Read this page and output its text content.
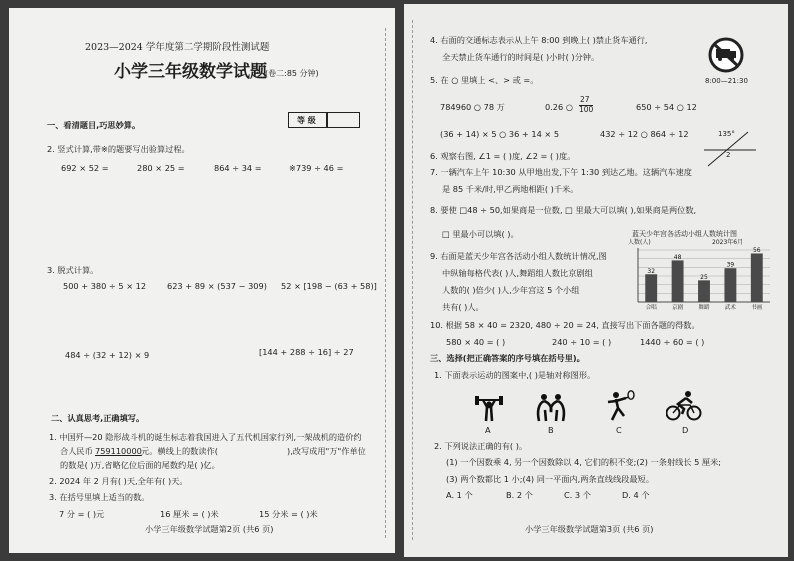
2023—2024 学年度第二学期阶段性测试题
小学三年级数学试题
(卷二:85 分钟)
等 级
一、看清题目,巧思妙算。
2. 竖式计算,带※的题要写出验算过程。
692 × 52 =	280 × 25 =	864 ÷ 34 =	※739 ÷ 46 =
3. 脱式计算。
500 + 380 ÷ 5 × 12	623 + 89 × (537 − 309) 52 × [198 − (63 + 58)]
484 ÷ (32 + 12) × 9	[144 + 288 ÷ 16] ÷ 27
二、认真思考,正确填写。
1. 中国歼—20 隐形战斗机的诞生标志着我国进入了五代机国家行列,一架战机的造价约
合人民币 759110000 元。横线上的数读作(	),改写成用"万"作单位
的数是( )万,省略亿位后面的尾数约是( )亿。
2. 2024 年 2 月有( )天,全年有( )天。
3. 在括号里填上适当的数。
7 分 = ( )元	16 厘米 = ( )米	15 分米 = ( )米
小学三年级数学试题第2页 (共6 页)
4. 右面的交通标志表示从上午 8:00 到晚上( )禁止货车通行,
全天禁止货车通行的时间是( )小时( )分钟。
8:00—21:30
5. 在 ○ 里填上 <、> 或 =。
784960 ○ 78 万	0.26 ○
27
100	650 ÷ 54 ○ 12
(36 + 14) × 5 ○ 36 + 14 × 5	432 ÷ 12 ○ 864 ÷ 12	135°
2
6. 观察右图, ∠1 = ( )度, ∠2 = ( )度。
7. 一辆汽车上午 10:30 从甲地出发,下午 1:30 到达乙地。这辆汽车速度
是 85 千米/时,甲乙两地相距( )千米。
8. 要使 □48 ÷ 50,如果商是一位数, □ 里最大可以填( ),如果商是两位数,
□ 里最小可以填( )。
9. 右面是蓝天少年宫各活动小组人数统计情况,图
中纵轴每格代表( )人,舞蹈组人数比京剧组
人数的( )倍少( )人,少年宫这 5 个小组
共有( )人。
蓝天少年宫各活动小组人数统计图
人数(人)	2023年6月
32
合唱
48
京剧
25
舞蹈
39
武术
56
书画
10. 根据 58 × 40 = 2320, 480 ÷ 20 = 24, 直接写出下面各题的得数。
580 × 40 = ( )	240 ÷ 10 = ( )	1440 ÷ 60 = ( )
三、选择(把正确答案的序号填在括号里)。
1. 下面表示运动的图案中,( )是轴对称图形。
A	B	C	D
2. 下列说法正确的有( )。
(1) 一个因数乘 4, 另一个因数除以 4, 它们的积不变;(2) 一条射线长 5 厘米;
(3) 两个数都比 1 小;(4) 同一平面内,两条直线线段最短。
A. 1 个	B. 2 个	C. 3 个	D. 4 个
小学三年级数学试题第3页 (共6 页)
